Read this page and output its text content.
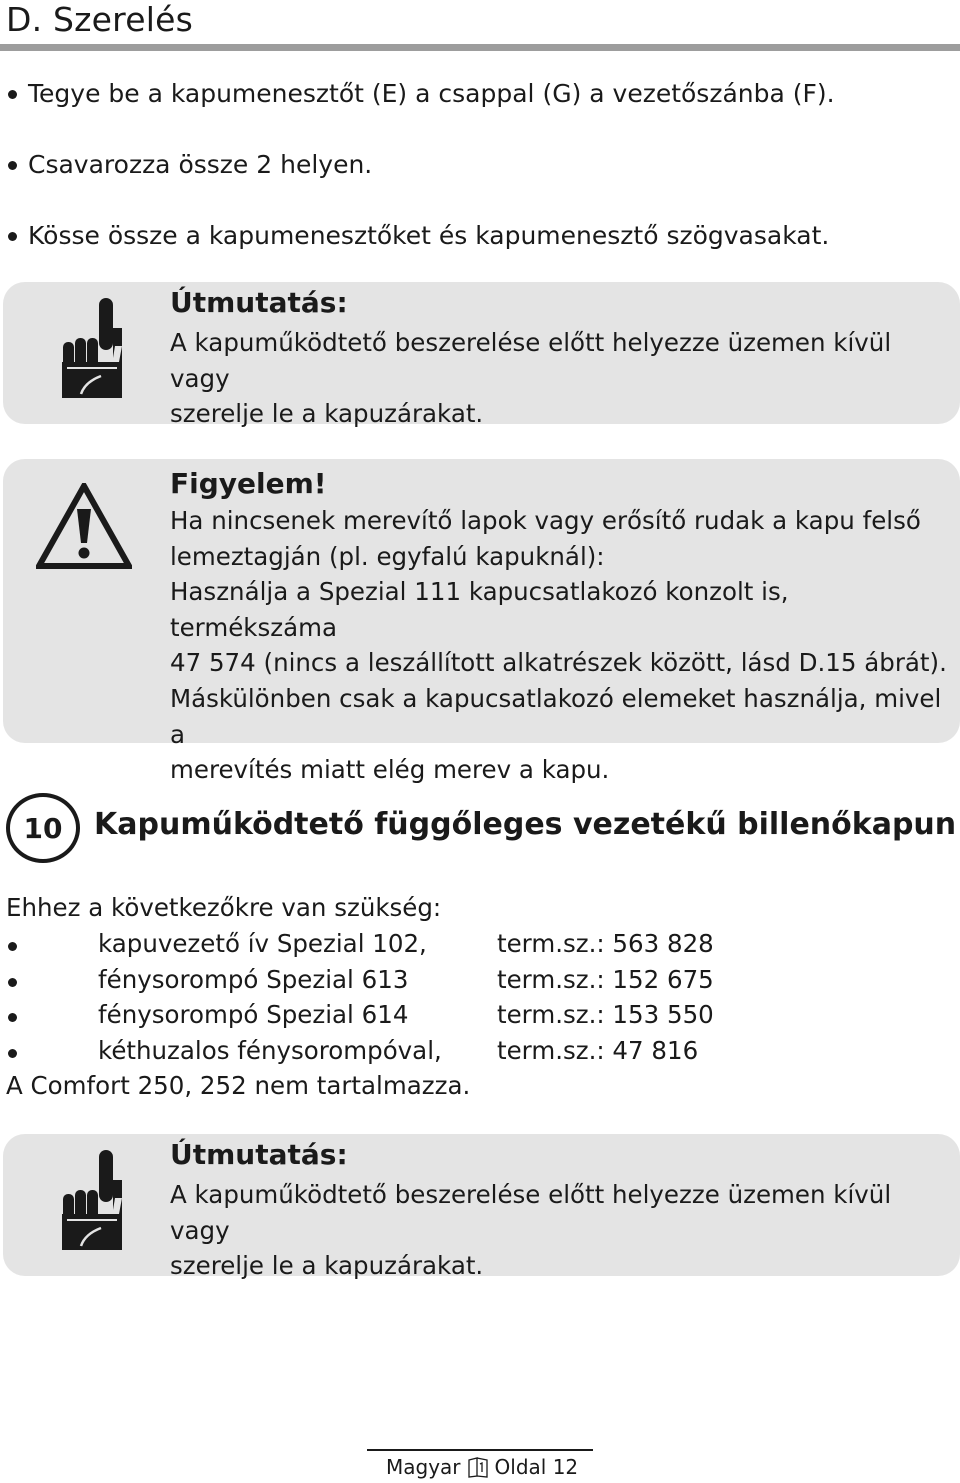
D. Szerelés
Tegye be a kapumenesztőt (E) a csappal (G) a vezetőszánba (F).
Csavarozza össze 2 helyen.
Kösse össze a kapumenesztőket és kapumenesztő szögvasakat.
Útmutatás:
A kapuműködtető beszerelése előtt helyezze üzemen kívül vagy
szerelje le a kapuzárakat.
Figyelem!
Ha nincsenek merevítő lapok vagy erősítő rudak a kapu felső
lemeztagján (pl. egyfalú kapuknál):
Használja a Spezial 111 kapucsatlakozó konzolt is, termékszáma
47 574 (nincs a leszállított alkatrészek között, lásd D.15 ábrát).
Máskülönben csak a kapucsatlakozó elemeket használja, mivel a
merevítés miatt elég merev a kapu.
10	Kapuműködtető függőleges vezetékű billenőkapun
Ehhez a következőkre van szükség:
kapuvezető ív Spezial 102,	term.sz.: 563 828
fénysorompó Spezial 613	term.sz.: 152 675
fénysorompó Spezial 614	term.sz.: 153 550
kéthuzalos fénysorompóval, term.sz.: 47 816
A Comfort 250, 252 nem tartalmazza.
Útmutatás:
A kapuműködtető beszerelése előtt helyezze üzemen kívül vagy
szerelje le a kapuzárakat.
Magyar Oldal 12
